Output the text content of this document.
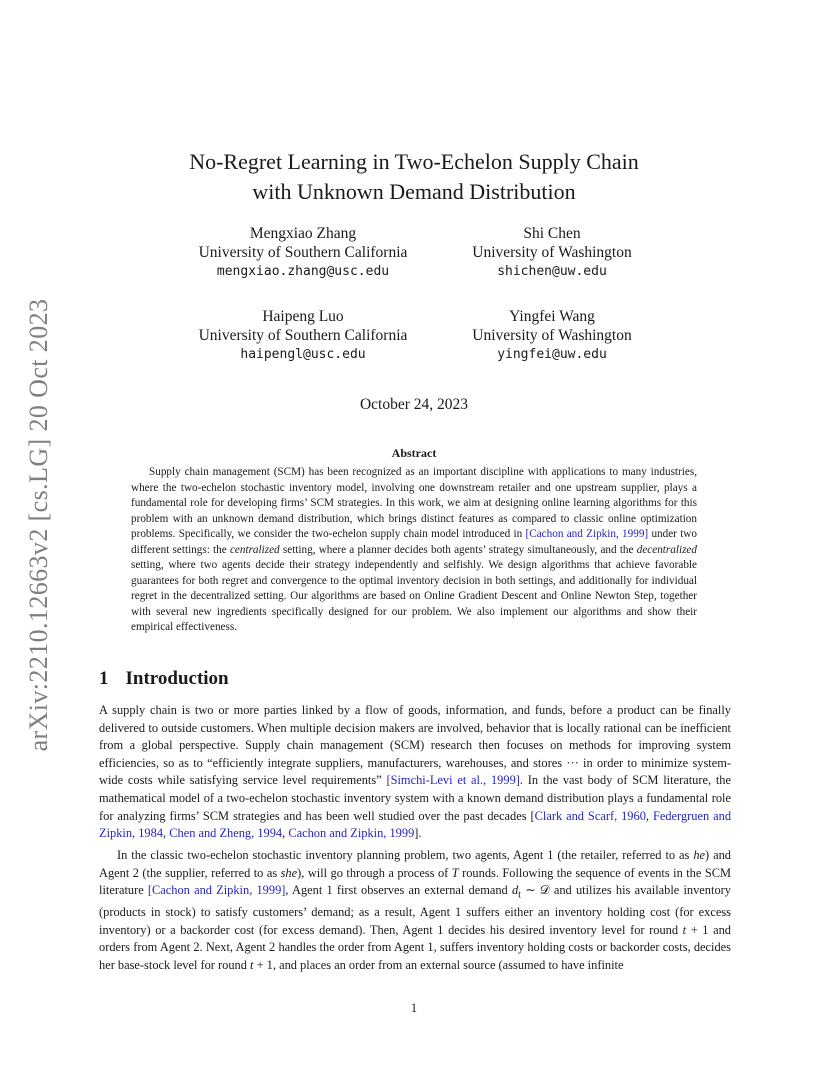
arXiv:2210.12663v2 [cs.LG] 20 Oct 2023
No-Regret Learning in Two-Echelon Supply Chain
with Unknown Demand Distribution
Mengxiao Zhang
University of Southern California
mengxiao.zhang@usc.edu
Shi Chen
University of Washington
shichen@uw.edu
Haipeng Luo
University of Southern California
haipengl@usc.edu
Yingfei Wang
University of Washington
yingfei@uw.edu
October 24, 2023
Abstract

Supply chain management (SCM) has been recognized as an important discipline with applications to many industries, where the two-echelon stochastic inventory model, involving one downstream retailer and one upstream supplier, plays a fundamental role for developing firms’ SCM strategies. In this work, we aim at designing online learning algorithms for this problem with an unknown demand distribution, which brings distinct features as compared to classic online optimization problems. Specifically, we consider the two-echelon supply chain model introduced in [Cachon and Zipkin, 1999] under two different settings: the centralized setting, where a planner decides both agents’ strategy simultaneously, and the decentralized setting, where two agents decide their strategy independently and selfishly. We design algorithms that achieve favorable guarantees for both regret and convergence to the optimal inventory decision in both settings, and additionally for individual regret in the decentralized setting. Our algorithms are based on Online Gradient Descent and Online Newton Step, together with several new ingredients specifically designed for our problem. We also implement our algorithms and show their empirical effectiveness.

1 Introduction

A supply chain is two or more parties linked by a flow of goods, information, and funds, before a product can be finally delivered to outside customers. When multiple decision makers are involved, behavior that is locally rational can be inefficient from a global perspective. Supply chain management (SCM) research then focuses on methods for improving system efficiencies, so as to “efficiently integrate suppliers, manufacturers, warehouses, and stores ··· in order to minimize system-wide costs while satisfying service level requirements” [Simchi-Levi et al., 1999]. In the vast body of SCM literature, the mathematical model of a two-echelon stochastic inventory system with a known demand distribution plays a fundamental role for analyzing firms’ SCM strategies and has been well studied over the past decades [Clark and Scarf, 1960, Federgruen and Zipkin, 1984, Chen and Zheng, 1994, Cachon and Zipkin, 1999].

In the classic two-echelon stochastic inventory planning problem, two agents, Agent 1 (the retailer, referred to as he) and Agent 2 (the supplier, referred to as she), will go through a process of T rounds. Following the sequence of events in the SCM literature [Cachon and Zipkin, 1999], Agent 1 first observes an external demand $d_t$ ∼ 𝒟 and utilizes his available inventory (products in stock) to satisfy customers’ demand; as a result, Agent 1 suffers either an inventory holding cost (for excess inventory) or a backorder cost (for excess demand). Then, Agent 1 decides his desired inventory level for round t + 1 and orders from Agent 2. Next, Agent 2 handles the order from Agent 1, suffers inventory holding costs or backorder costs, decides her base-stock level for round t + 1, and places an order from an external source (assumed to have infinite

1
